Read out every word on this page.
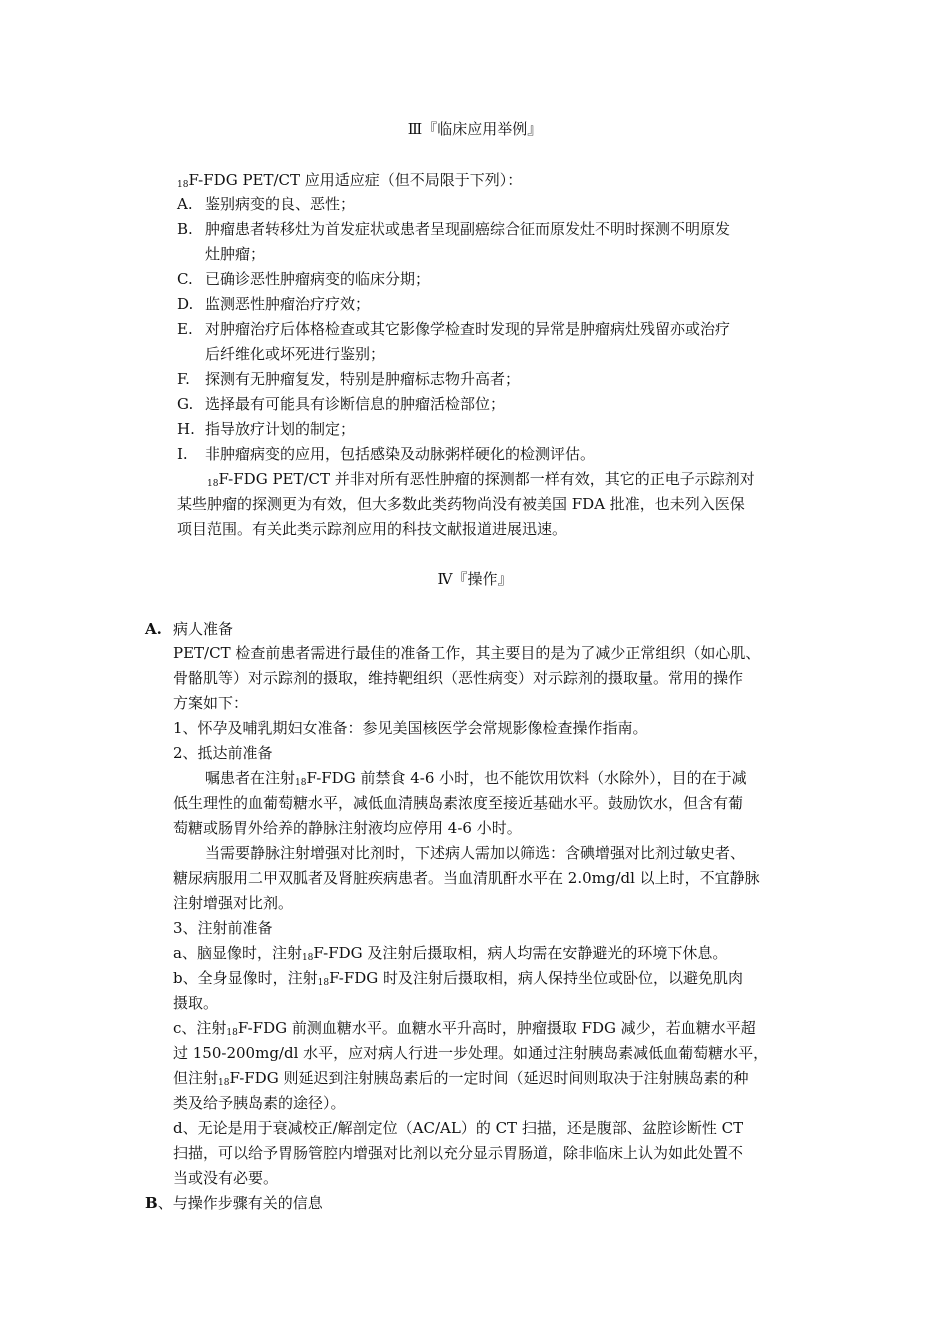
Ⅲ『临床应用举例』
18F-FDG PET/CT 应用适应症（但不局限于下列）：
A. 鉴别病变的良、恶性；
B. 肿瘤患者转移灶为首发症状或患者呈现副癌综合征而原发灶不明时探测不明原发
灶肿瘤；
C. 已确诊恶性肿瘤病变的临床分期；
D. 监测恶性肿瘤治疗疗效；
E. 对肿瘤治疗后体格检查或其它影像学检查时发现的异常是肿瘤病灶残留亦或治疗
后纤维化或坏死进行鉴别；
F. 探测有无肿瘤复发，特别是肿瘤标志物升高者；
G. 选择最有可能具有诊断信息的肿瘤活检部位；
H. 指导放疗计划的制定；
I. 非肿瘤病变的应用，包括感染及动脉粥样硬化的检测评估。
18F-FDG PET/CT 并非对所有恶性肿瘤的探测都一样有效，其它的正电子示踪剂对
某些肿瘤的探测更为有效，但大多数此类药物尚没有被美国 FDA 批准，也未列入医保
项目范围。有关此类示踪剂应用的科技文献报道进展迅速。
Ⅳ『操作』
A. 病人准备
PET/CT 检查前患者需进行最佳的准备工作，其主要目的是为了减少正常组织（如心肌、
骨骼肌等）对示踪剂的摄取，维持靶组织（恶性病变）对示踪剂的摄取量。常用的操作
方案如下：
1、怀孕及哺乳期妇女准备：参见美国核医学会常规影像检查操作指南。
2、抵达前准备
嘱患者在注射18F-FDG 前禁食 4-6 小时，也不能饮用饮料（水除外），目的在于减
低生理性的血葡萄糖水平，减低血清胰岛素浓度至接近基础水平。鼓励饮水，但含有葡
萄糖或肠胃外给养的静脉注射液均应停用 4-6 小时。
当需要静脉注射增强对比剂时，下述病人需加以筛选：含碘增强对比剂过敏史者、
糖尿病服用二甲双胍者及肾脏疾病患者。当血清肌酐水平在 2.0mg/dl 以上时，不宜静脉
注射增强对比剂。
3、注射前准备
a、脑显像时，注射18F-FDG 及注射后摄取相，病人均需在安静避光的环境下休息。
b、全身显像时，注射18F-FDG 时及注射后摄取相，病人保持坐位或卧位，以避免肌肉
摄取。
c、注射18F-FDG 前测血糖水平。血糖水平升高时，肿瘤摄取 FDG 减少，若血糖水平超
过 150-200mg/dl 水平，应对病人行进一步处理。如通过注射胰岛素减低血葡萄糖水平，
但注射18F-FDG 则延迟到注射胰岛素后的一定时间（延迟时间则取决于注射胰岛素的种
类及给予胰岛素的途径）。
d、无论是用于衰减校正/解剖定位（AC/AL）的 CT 扫描，还是腹部、盆腔诊断性 CT
扫描，可以给予胃肠管腔内增强对比剂以充分显示胃肠道，除非临床上认为如此处置不
当或没有必要。
B、与操作步骤有关的信息
